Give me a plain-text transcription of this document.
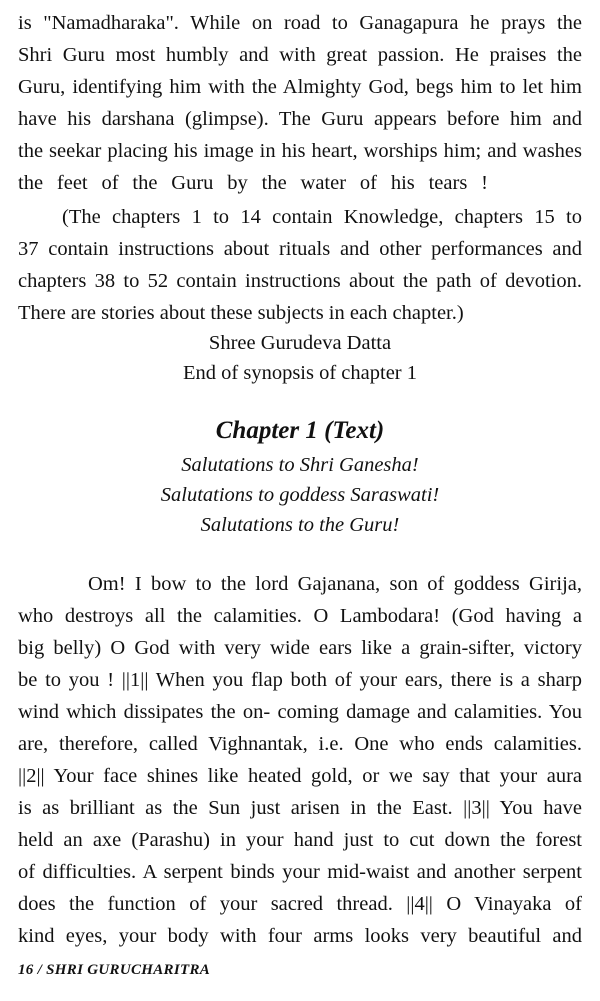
is "Namadharaka". While on road to Ganagapura he prays the
Shri Guru most humbly and with great passion. He praises the
Guru, identifying him with the Almighty God, begs him to let him
have his darshana (glimpse). The Guru appears before him and
the seekar placing his image in his heart, worships him; and washes
the feet of the Guru by the water of his tears !
(The chapters 1 to 14 contain Knowledge, chapters 15 to
37 contain instructions about rituals and other performances and
chapters 38 to 52 contain instructions about the path of devotion.
There are stories about these subjects in each chapter.)
Shree Gurudeva Datta
End of synopsis of chapter 1
Chapter 1 (Text)
Salutations to Shri Ganesha!
Salutations to goddess Saraswati!
Salutations to the Guru!
Om! I bow to the lord Gajanana, son of goddess Girija,
who destroys all the calamities. O Lambodara! (God having a
big belly) O God with very wide ears like a grain-sifter, victory
be to you ! ||1|| When you flap both of your ears, there is a sharp
wind which dissipates the on- coming damage and calamities. You
are, therefore, called Vighnantak, i.e. One who ends calamities.
||2|| Your face shines like heated gold, or we say that your aura
is as brilliant as the Sun just arisen in the East. ||3|| You have
held an axe (Parashu) in your hand just to cut down the forest
of difficulties. A serpent binds your mid-waist and another serpent
does the function of your sacred thread. ||4|| O Vinayaka of
kind eyes, your body with four arms looks very beautiful and
16 / SHRI GURUCHARITRA
